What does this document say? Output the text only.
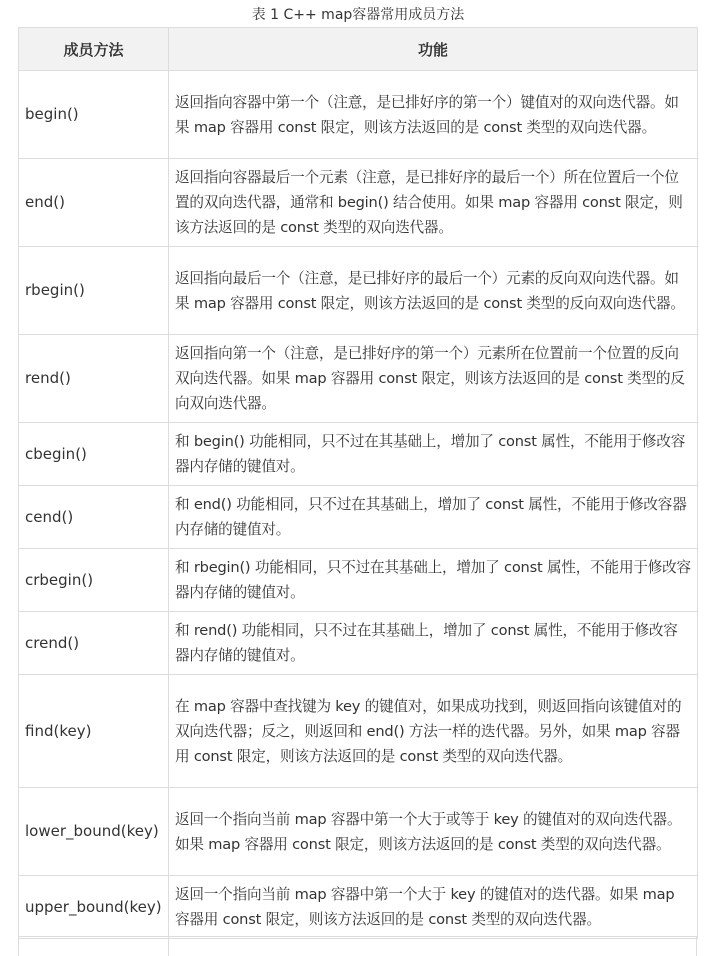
表 1 C++ map容器常用成员方法
成员方法	功能
begin()	返回指向容器中第一个（注意，是已排好序的第一个）键值对的双向迭代器。如果 map 容器用 const 限定，则该方法返回的是 const 类型的双向迭代器。
end()	返回指向容器最后一个元素（注意，是已排好序的最后一个）所在位置后一个位置的双向迭代器，通常和 begin() 结合使用。如果 map 容器用 const 限定，则该方法返回的是 const 类型的双向迭代器。
rbegin()	返回指向最后一个（注意，是已排好序的最后一个）元素的反向双向迭代器。如果 map 容器用 const 限定，则该方法返回的是 const 类型的反向双向迭代器。
rend()	返回指向第一个（注意，是已排好序的第一个）元素所在位置前一个位置的反向双向迭代器。如果 map 容器用 const 限定，则该方法返回的是 const 类型的反向双向迭代器。
cbegin()	和 begin() 功能相同，只不过在其基础上，增加了 const 属性，不能用于修改容器内存储的键值对。
cend()	和 end() 功能相同，只不过在其基础上，增加了 const 属性，不能用于修改容器内存储的键值对。
crbegin()	和 rbegin() 功能相同，只不过在其基础上，增加了 const 属性，不能用于修改容器内存储的键值对。
crend()	和 rend() 功能相同，只不过在其基础上，增加了 const 属性，不能用于修改容器内存储的键值对。
find(key)	在 map 容器中查找键为 key 的键值对，如果成功找到，则返回指向该键值对的双向迭代器；反之，则返回和 end() 方法一样的迭代器。另外，如果 map 容器用 const 限定，则该方法返回的是 const 类型的双向迭代器。
lower_bound(key)	返回一个指向当前 map 容器中第一个大于或等于 key 的键值对的双向迭代器。如果 map 容器用 const 限定，则该方法返回的是 const 类型的双向迭代器。
upper_bound(key)	返回一个指向当前 map 容器中第一个大于 key 的键值对的迭代器。如果 map 容器用 const 限定，则该方法返回的是 const 类型的双向迭代器。
